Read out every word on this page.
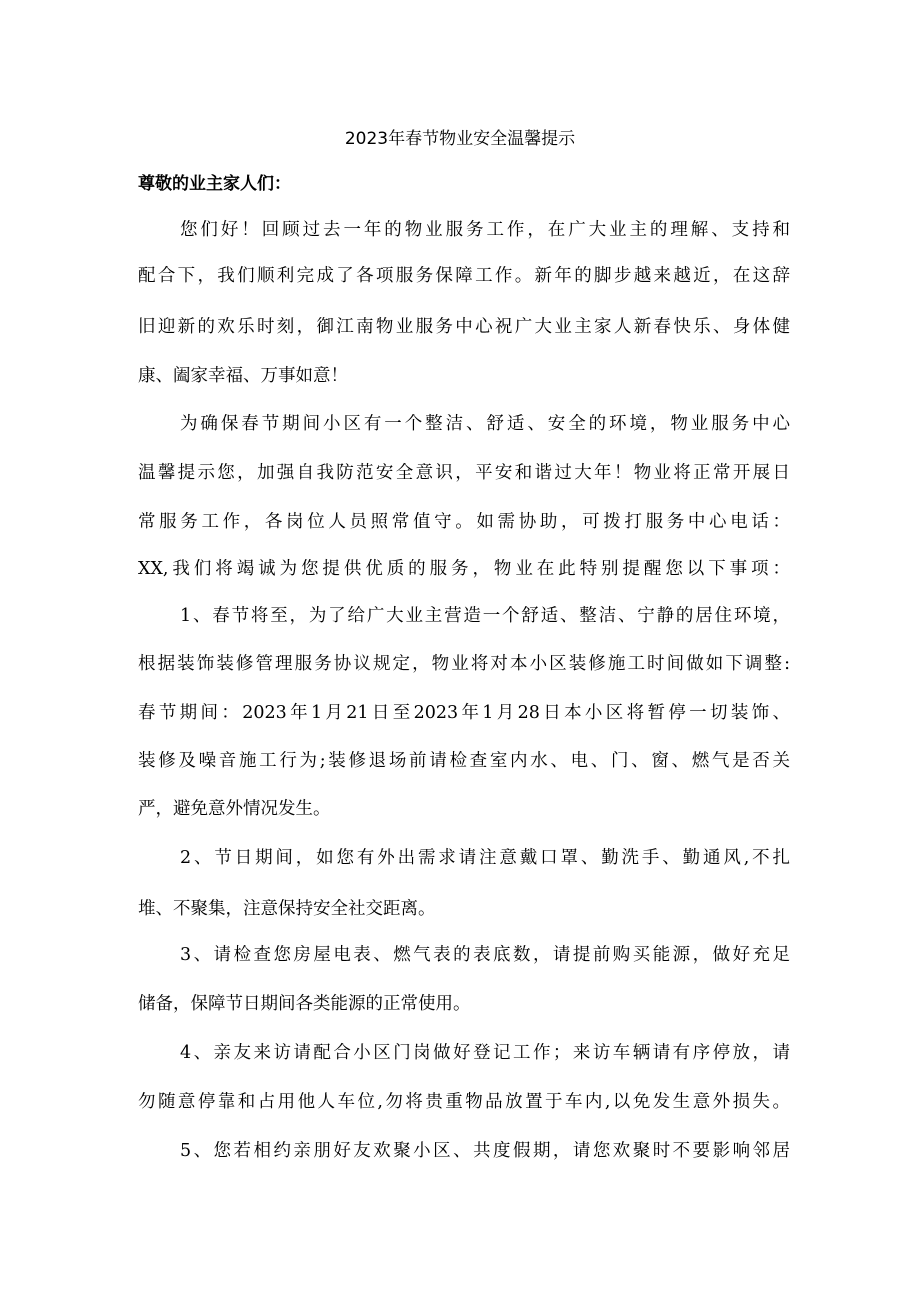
2023年春节物业安全温馨提示
尊敬的业主家人们：
您们好！回顾过去一年的物业服务工作，在广大业主的理解、支持和
配合下，我们顺利完成了各项服务保障工作。新年的脚步越来越近，在这辞
旧迎新的欢乐时刻，御江南物业服务中心祝广大业主家人新春快乐、身体健
康、阖家幸福、万事如意！
为确保春节期间小区有一个整洁、舒适、安全的环境，物业服务中心
温馨提示您，加强自我防范安全意识，平安和谐过大年！物业将正常开展日
常服务工作，各岗位人员照常值守。如需协助，可拨打服务中心电话：
XX,我们将竭诚为您提供优质的服务，物业在此特别提醒您以下事项：
1、春节将至，为了给广大业主营造一个舒适、整洁、宁静的居住环境，
根据装饰装修管理服务协议规定，物业将对本小区装修施工时间做如下调整:
春节期间：2023年1月21日至2023年1月28日本小区将暂停一切装饰、
装修及噪音施工行为;装修退场前请检查室内水、电、门、窗、燃气是否关
严，避免意外情况发生。
2、节日期间，如您有外出需求请注意戴口罩、勤洗手、勤通风,不扎
堆、不聚集，注意保持安全社交距离。
3、请检查您房屋电表、燃气表的表底数，请提前购买能源，做好充足
储备，保障节日期间各类能源的正常使用。
4、亲友来访请配合小区门岗做好登记工作；来访车辆请有序停放，请
勿随意停靠和占用他人车位,勿将贵重物品放置于车内,以免发生意外损失。
5、您若相约亲朋好友欢聚小区、共度假期，请您欢聚时不要影响邻居
